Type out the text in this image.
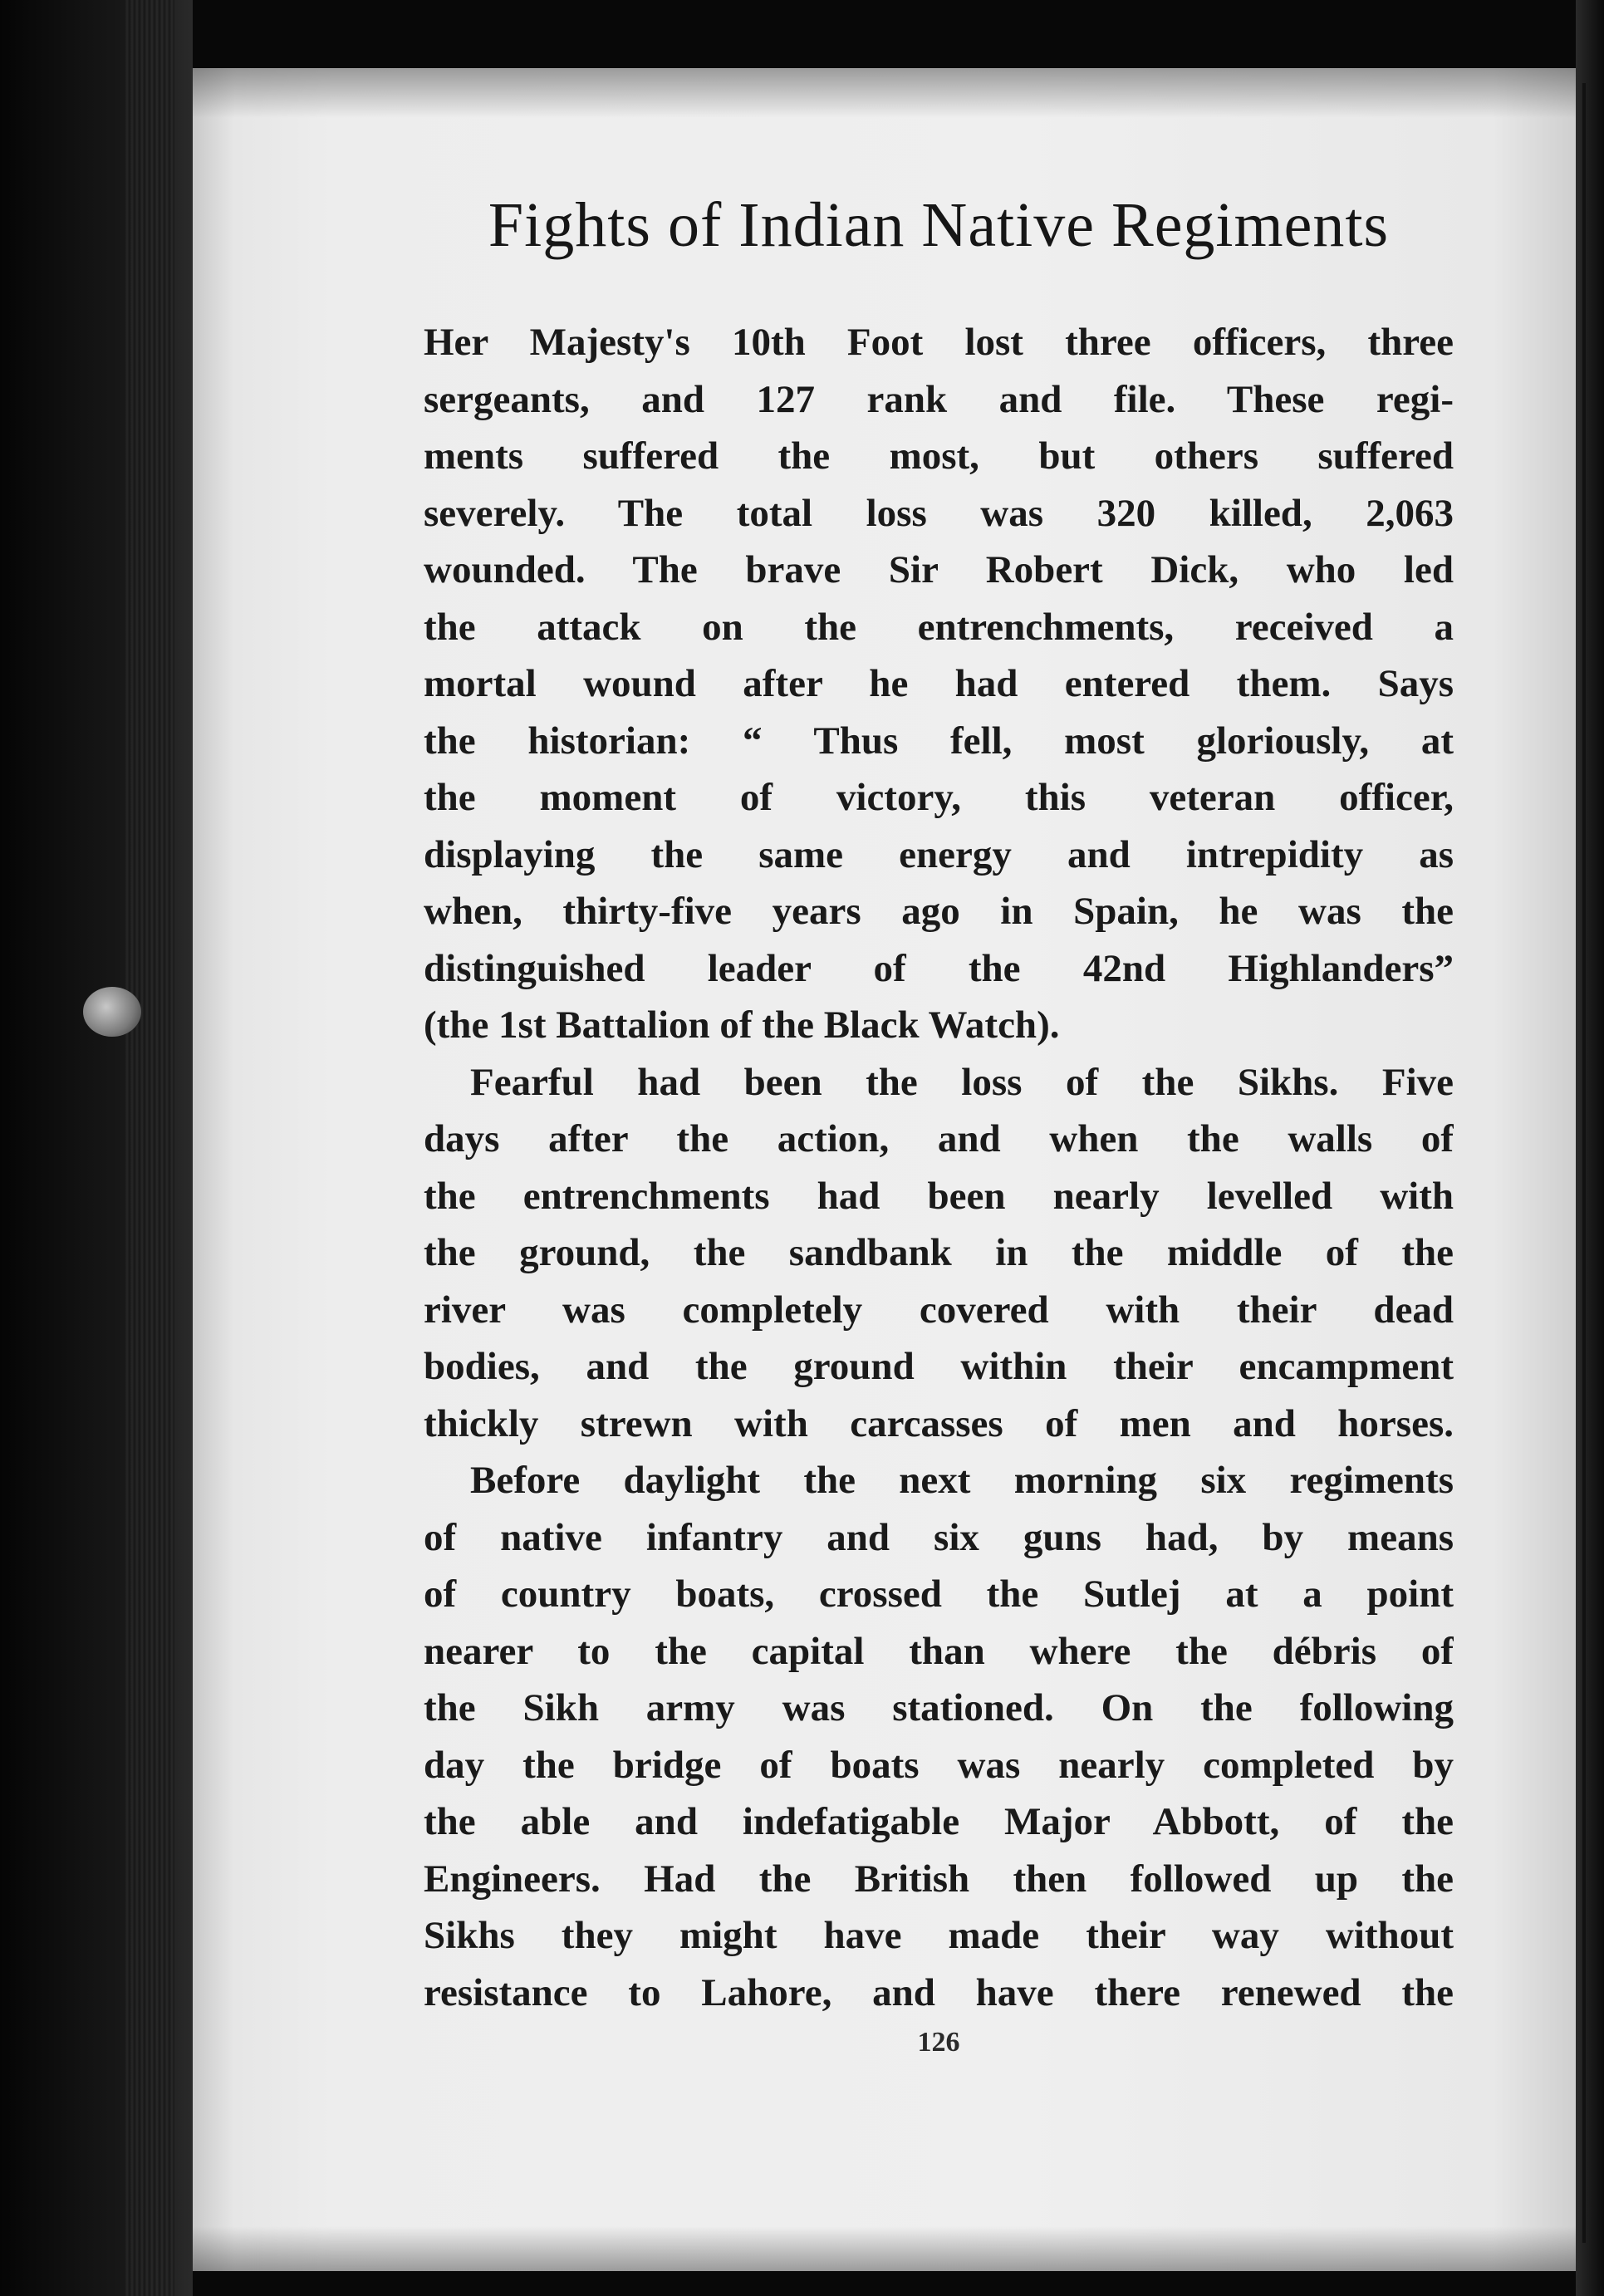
Fights of Indian Native Regiments
Her Majesty's 10th Foot lost three officers, three
sergeants, and 127 rank and file. These regi-
ments suffered the most, but others suffered
severely. The total loss was 320 killed, 2,063
wounded. The brave Sir Robert Dick, who led
the attack on the entrenchments, received a
mortal wound after he had entered them. Says
the historian: “ Thus fell, most gloriously, at
the moment of victory, this veteran officer,
displaying the same energy and intrepidity as
when, thirty-five years ago in Spain, he was the
distinguished leader of the 42nd Highlanders”
(the 1st Battalion of the Black Watch).
Fearful had been the loss of the Sikhs. Five
days after the action, and when the walls of
the entrenchments had been nearly levelled with
the ground, the sandbank in the middle of the
river was completely covered with their dead
bodies, and the ground within their encampment
thickly strewn with carcasses of men and horses.
Before daylight the next morning six regiments
of native infantry and six guns had, by means
of country boats, crossed the Sutlej at a point
nearer to the capital than where the débris of
the Sikh army was stationed. On the following
day the bridge of boats was nearly completed by
the able and indefatigable Major Abbott, of the
Engineers. Had the British then followed up the
Sikhs they might have made their way without
resistance to Lahore, and have there renewed the
126
